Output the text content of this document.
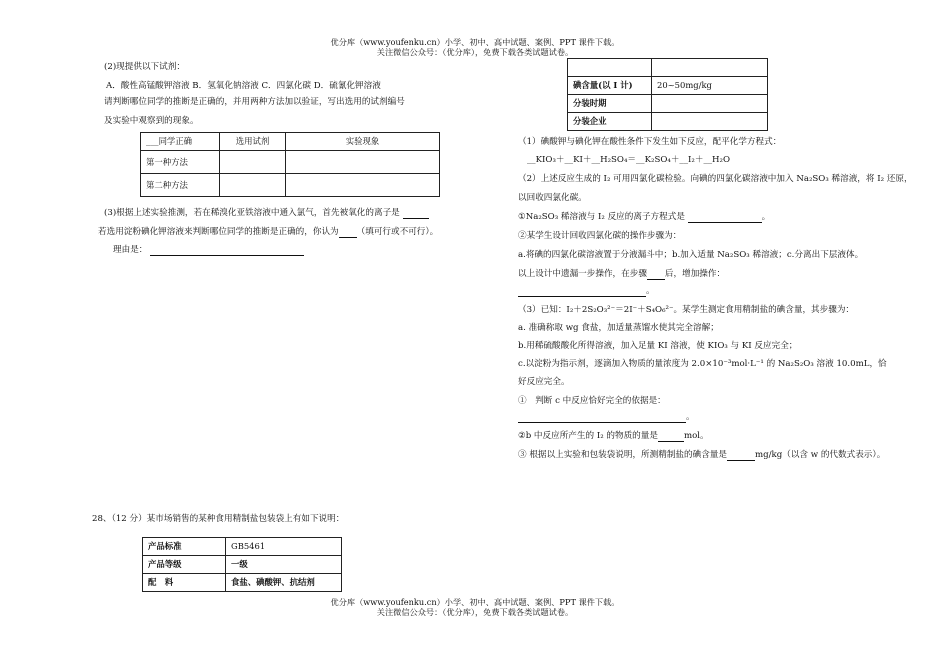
优分库（www.youfenku.cn）小学、初中、高中试题、案例、PPT 课件下载。
关注微信公众号：（优分库），免费下载各类试题试卷。
(2)现提供以下试剂：
A．酸性高锰酸钾溶液 B．氢氧化钠溶液 C．四氯化碳 D．硫氰化钾溶液
请判断哪位同学的推断是正确的，并用两种方法加以验证，写出选用的试剂编号
及实验中观察到的现象。
___同学正确	选用试剂	实验现象
第一种方法		
第二种方法		
(3)根据上述实验推测，若在稀溴化亚铁溶液中通入氯气，首先被氧化的离子是
若选用淀粉碘化钾溶液来判断哪位同学的推断是正确的，你认为 （填可行或不可行）。
理由是：
28、（12 分）某市场销售的某种食用精制盐包装袋上有如下说明：
产品标准	GB5461
产品等级	一级
配　料	食盐、碘酸钾、抗结剂

碘含量(以 I 计)	20~50mg/kg
分装时期	
分装企业	
（1）碘酸钾与碘化钾在酸性条件下发生如下反应，配平化学方程式：
__KIO₃＋__KI＋__H₂SO₄＝__K₂SO₄＋__I₂＋__H₂O
（2）上述反应生成的 I₂ 可用四氯化碳检验。向碘的四氯化碳溶液中加入 Na₂SO₃ 稀溶液，将 I₂ 还原，
以回收四氯化碳。
①Na₂SO₃ 稀溶液与 I₂ 反应的离子方程式是	。
②某学生设计回收四氯化碳的操作步骤为：
a.将碘的四氯化碳溶液置于分液漏斗中；b.加入适量 Na₂SO₃ 稀溶液；c.分离出下层液体。
以上设计中遗漏一步操作，在步骤 后，增加操作：
。
（3）已知：I₂＋2S₂O₃²⁻＝2I⁻＋S₄O₆²⁻。某学生测定食用精制盐的碘含量，其步骤为：
a. 准确称取 wg 食盐，加适量蒸馏水使其完全溶解；
b.用稀硫酸酸化所得溶液，加入足量 KI 溶液，使 KIO₃ 与 KI 反应完全；
c.以淀粉为指示剂，逐滴加入物质的量浓度为 2.0×10⁻³mol·L⁻¹ 的 Na₂S₂O₃ 溶液 10.0mL，恰
好反应完全。
①　判断 c 中反应恰好完全的依据是：
。
②b 中反应所产生的 I₂ 的物质的量是	mol。
③ 根据以上实验和包装袋说明，所测精制盐的碘含量是	mg/kg（以含 w 的代数式表示）。
优分库（www.youfenku.cn）小学、初中、高中试题、案例、PPT 课件下载。
关注微信公众号：（优分库），免费下载各类试题试卷。
